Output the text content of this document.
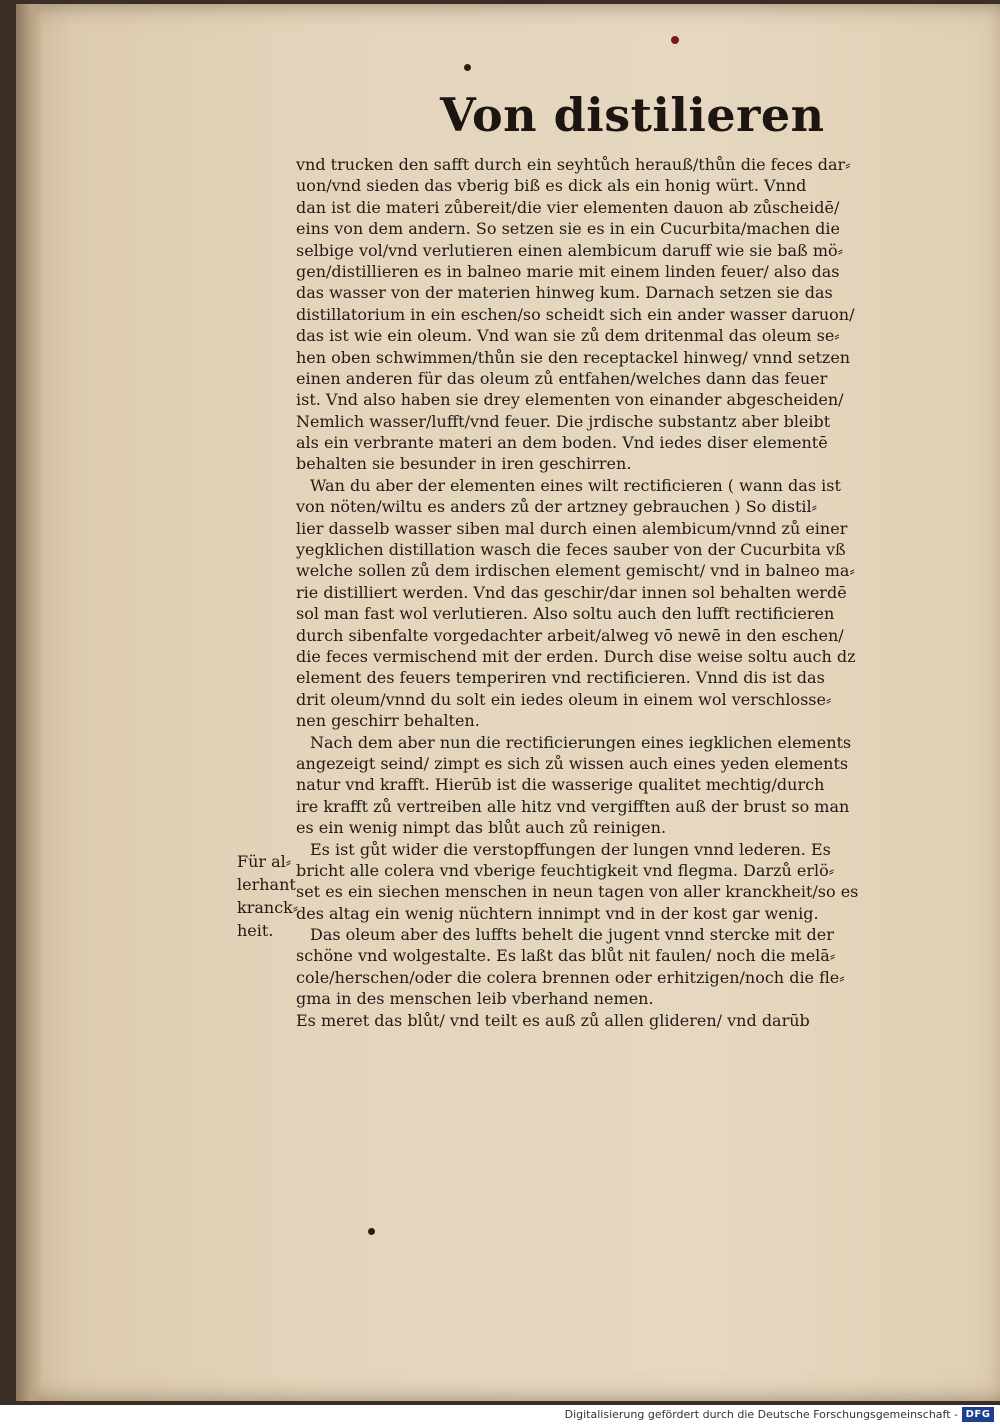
Von distilieren
vnd trucken den safft durch ein seyhtůch herauß/thůn die feces dar⸗
uon/vnd sieden das vberig biß es dick als ein honig würt. Vnnd
dan ist die materi zůbereit/die vier elementen dauon ab zůscheidē/
eins von dem andern. So setzen sie es in ein Cucurbita/machen die
selbige vol/vnd verlutieren einen alembicum daruff wie sie baß mö⸗
gen/distillieren es in balneo marie mit einem linden feuer/ also das
das wasser von der materien hinweg kum. Darnach setzen sie das
distillatorium in ein eschen/so scheidt sich ein ander wasser daruon/
das ist wie ein oleum. Vnd wan sie zů dem dritenmal das oleum se⸗
hen oben schwimmen/thůn sie den receptackel hinweg/ vnnd setzen
einen anderen für das oleum zů entfahen/welches dann das feuer
ist. Vnd also haben sie drey elementen von einander abgescheiden/
Nemlich wasser/lufft/vnd feuer. Die jrdische substantz aber bleibt
als ein verbrante materi an dem boden. Vnd iedes diser elementē
behalten sie besunder in iren geschirren.
Wan du aber der elementen eines wilt rectificieren ( wann das ist
von nöten/wiltu es anders zů der artzney gebrauchen ) So distil⸗
lier dasselb wasser siben mal durch einen alembicum/vnnd zů einer
yegklichen distillation wasch die feces sauber von der Cucurbita vß
welche sollen zů dem irdischen element gemischt/ vnd in balneo ma⸗
rie distilliert werden. Vnd das geschir/dar innen sol behalten werdē
sol man fast wol verlutieren. Also soltu auch den lufft rectificieren
durch sibenfalte vorgedachter arbeit/alweg vō newē in den eschen/
die feces vermischend mit der erden. Durch dise weise soltu auch dz
element des feuers temperiren vnd rectificieren. Vnnd dis ist das
drit oleum/vnnd du solt ein iedes oleum in einem wol verschlosse⸗
nen geschirr behalten.
Nach dem aber nun die rectificierungen eines iegklichen elements
angezeigt seind/ zimpt es sich zů wissen auch eines yeden elements
natur vnd krafft. Hierūb ist die wasserige qualitet mechtig/durch
ire krafft zů vertreiben alle hitz vnd vergifften auß der brust so man
es ein wenig nimpt das blůt auch zů reinigen.
Es ist gůt wider die verstopffungen der lungen vnnd lederen. Es
bricht alle colera vnd vberige feuchtigkeit vnd flegma. Darzů erlö⸗
set es ein siechen menschen in neun tagen von aller kranckheit/so es
des altag ein wenig nüchtern innimpt vnd in der kost gar wenig.
Das oleum aber des luffts behelt die jugent vnnd stercke mit der
schöne vnd wolgestalte. Es laßt das blůt nit faulen/ noch die melā⸗
cole/herschen/oder die colera brennen oder erhitzigen/noch die fle⸗
gma in des menschen leib vberhand nemen.
Es meret das blůt/ vnd teilt es auß zů allen glideren/ vnd darūb
Für al⸗
lerhant
kranck⸗
heit.
Digitalisierung gefördert durch die Deutsche Forschungsgemeinschaft - DFG
